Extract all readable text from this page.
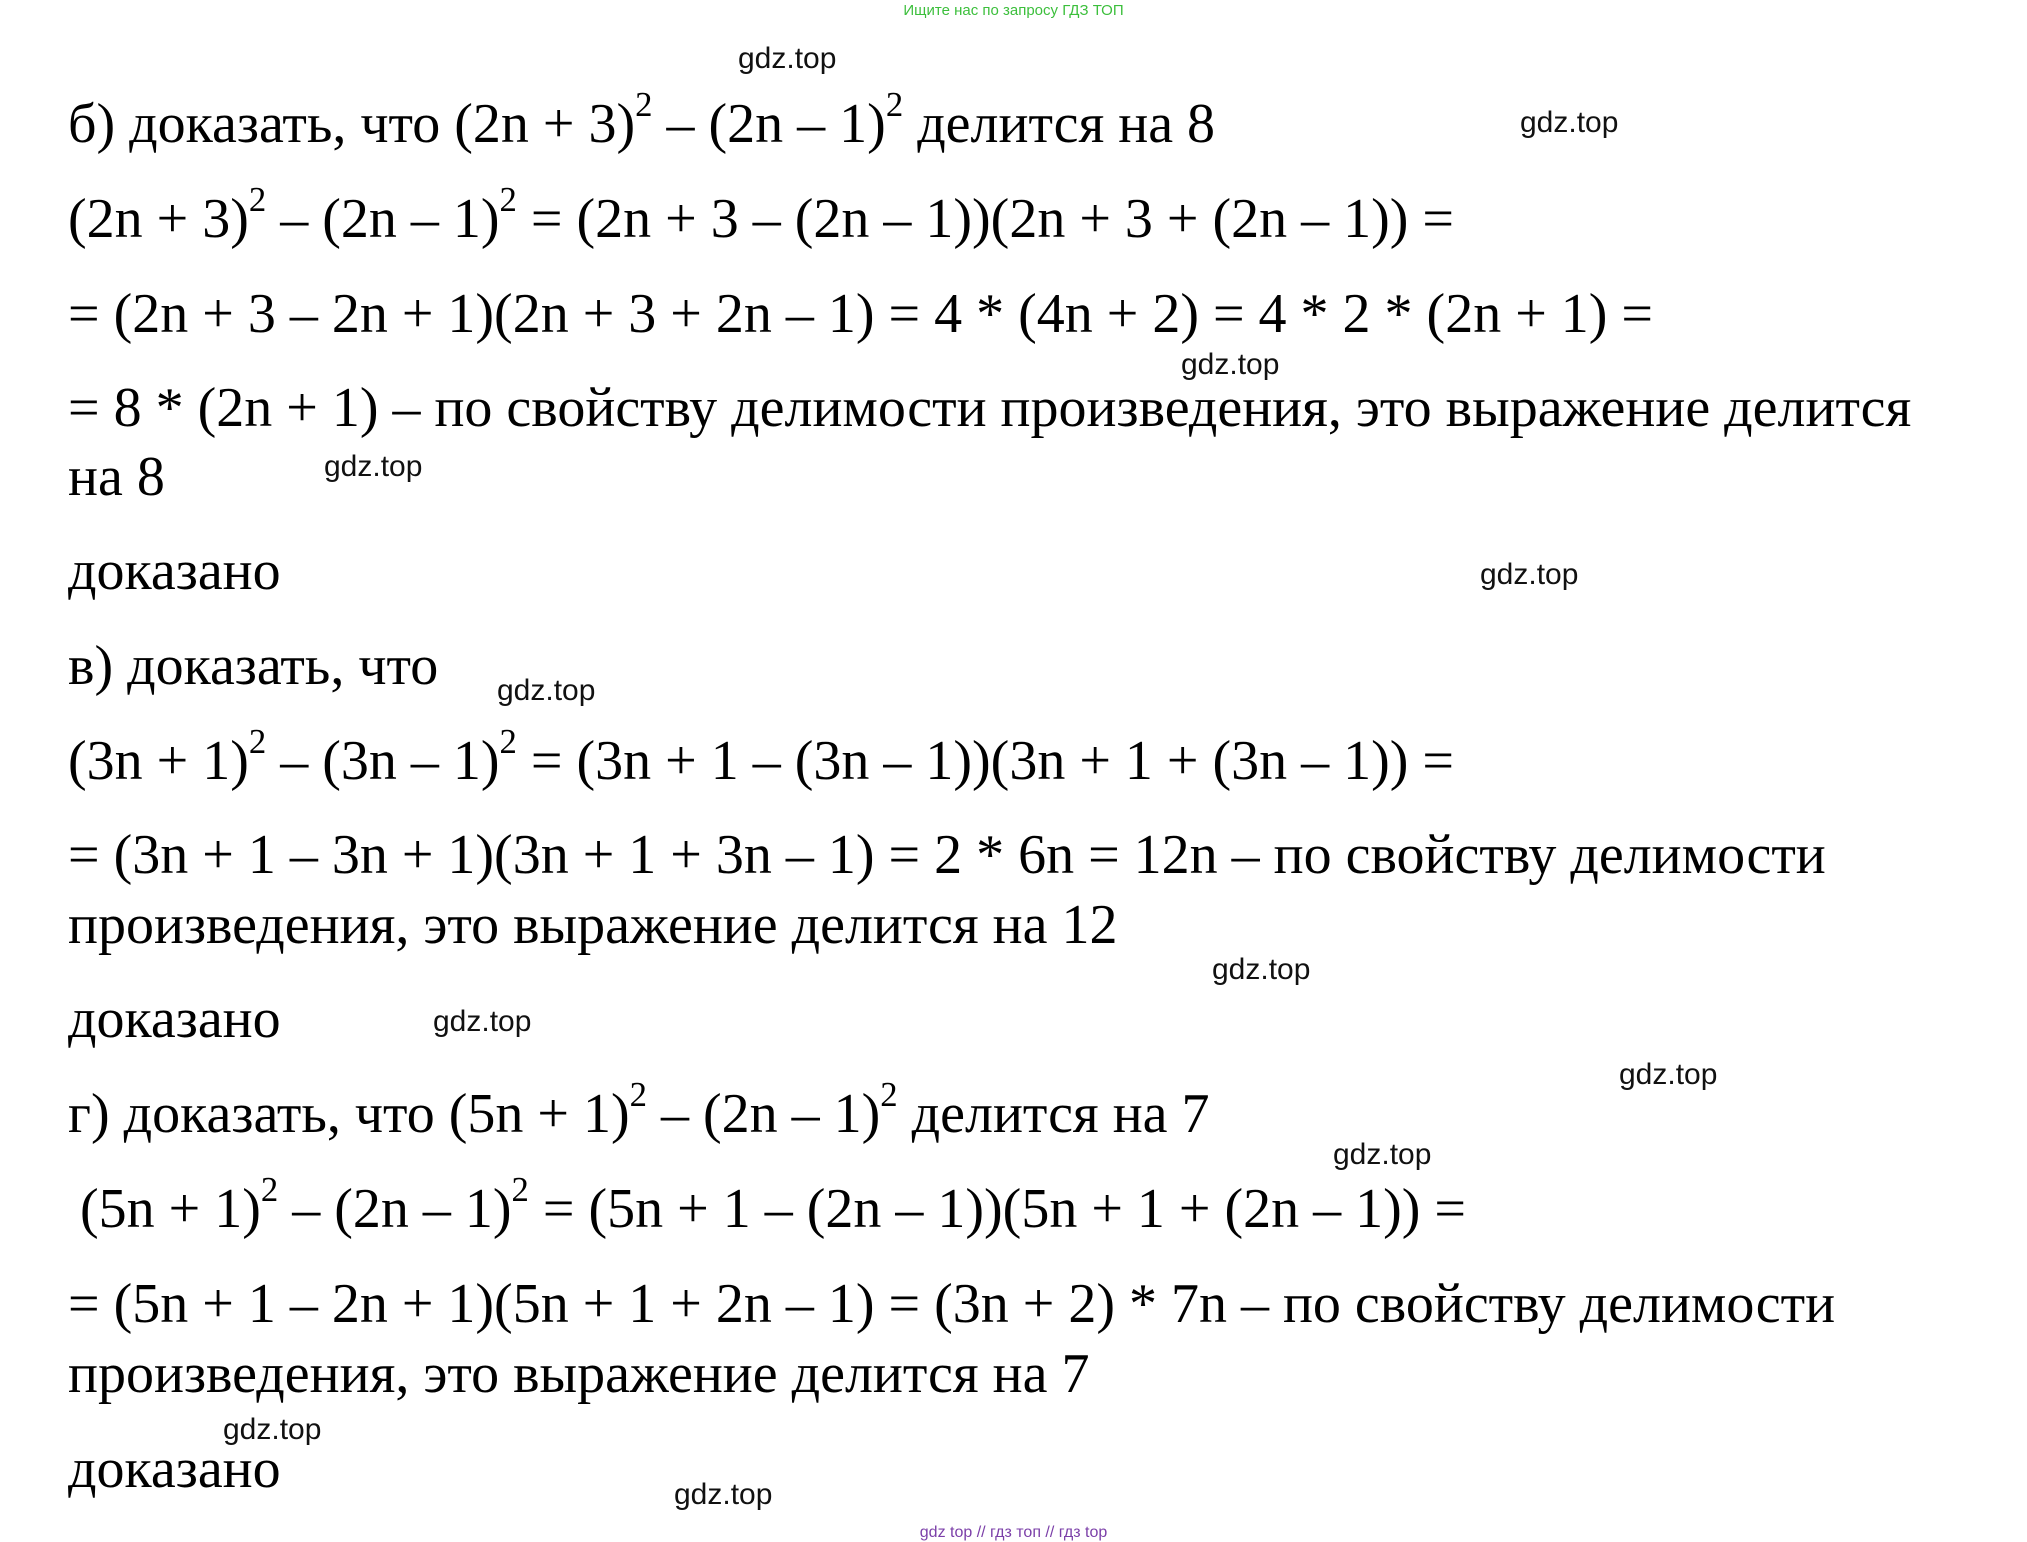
Ищите нас по запросу ГДЗ ТОП
б) доказать, что $(2n + 3)^2 - (2n - 1)^2$ делится на 8
$(2n + 3)^2 - (2n - 1)^2 = (2n + 3 - (2n - 1))(2n + 3 + (2n - 1))$ =
= (2n + 3 – 2n + 1)(2n + 3 + 2n – 1) = 4 * (4n + 2) = 4 * 2 * (2n + 1) =
= 8 * (2n + 1) – по свойству делимости произведения, это выражение делится
на 8
доказано
в) доказать, что
$(3n + 1)^2 - (3n - 1)^2 = (3n + 1 - (3n - 1))(3n + 1 + (3n - 1))$ =
= (3n + 1 – 3n + 1)(3n + 1 + 3n – 1) = 2 * 6n = 12n – по свойству делимости
произведения, это выражение делится на 12
доказано
г) доказать, что $(5n + 1)^2 - (2n - 1)^2$ делится на 7
$(5n + 1)^2 - (2n - 1)^2 = (5n + 1 - (2n - 1))(5n + 1 + (2n - 1))$ =
= (5n + 1 – 2n + 1)(5n + 1 + 2n – 1) = (3n + 2) * 7n – по свойству делимости
произведения, это выражение делится на 7
доказано
gdz.top
gdz.top
gdz.top
gdz.top
gdz.top
gdz.top
gdz.top
gdz.top
gdz.top
gdz.top
gdz.top
gdz.top
gdz top // гдз топ // гдз top
